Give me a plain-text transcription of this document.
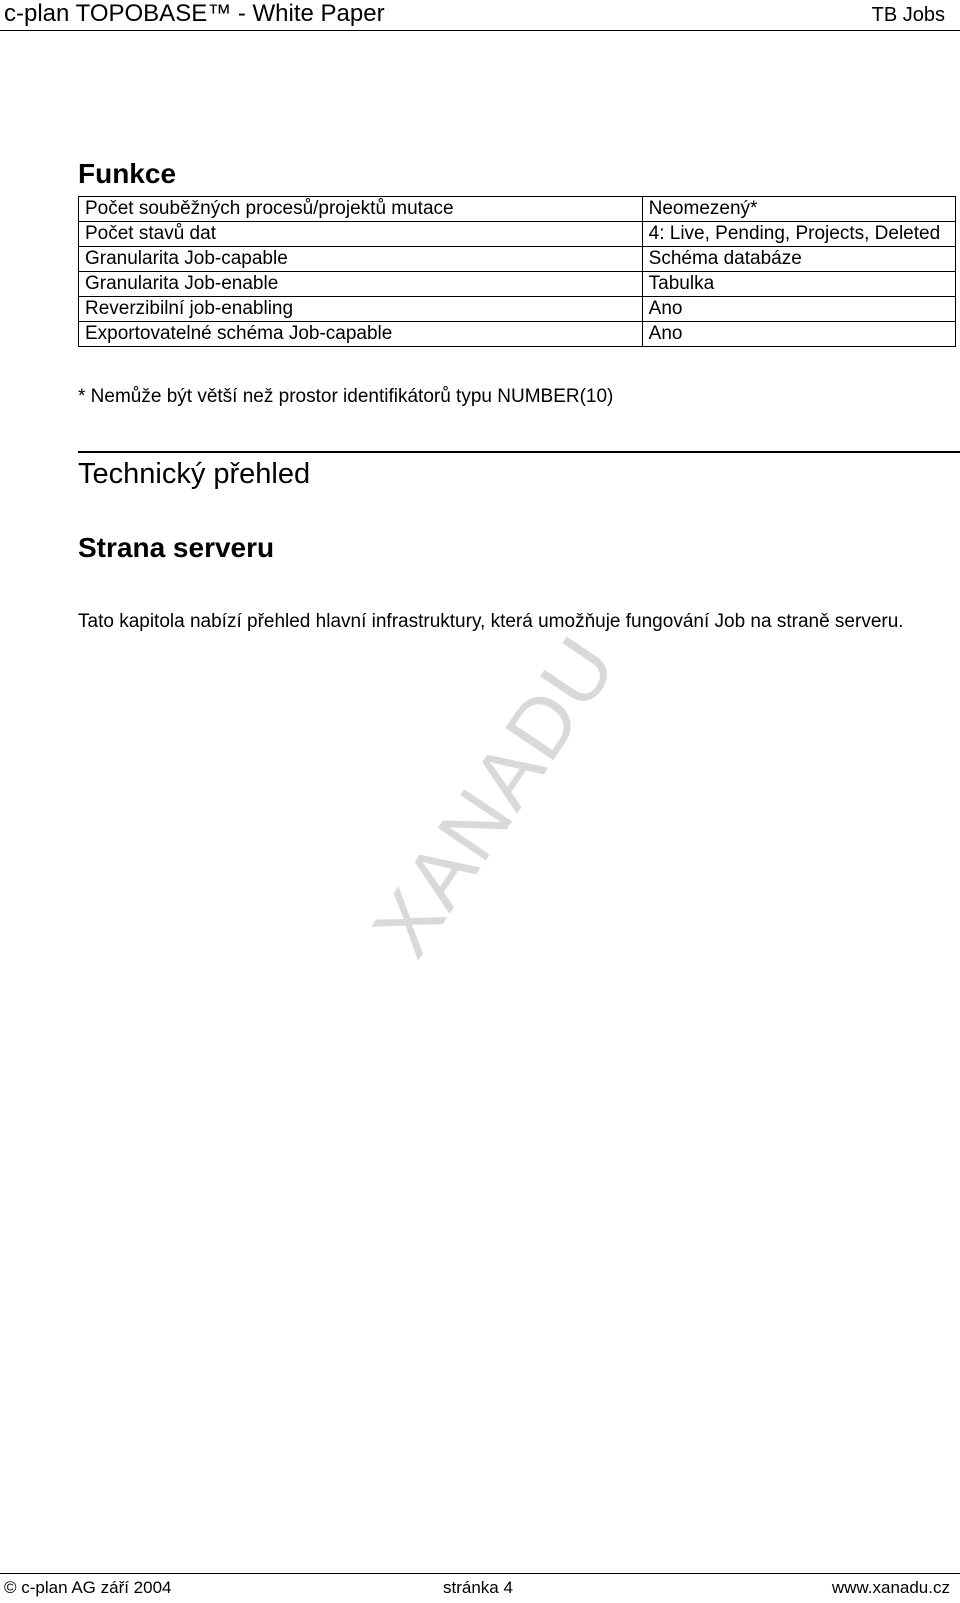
c-plan TOPOBASE™ - White Paper	TB Jobs
Funkce
Počet souběžných procesů/projektů mutace	Neomezený*
Počet stavů dat	4: Live, Pending, Projects, Deleted
Granularita Job-capable	Schéma databáze
Granularita Job-enable	Tabulka
Reverzibilní job-enabling	Ano
Exportovatelné schéma Job-capable	Ano
* Nemůže být větší než prostor identifikátorů typu NUMBER(10)
Technický přehled
Strana serveru

Tato kapitola nabízí přehled hlavní infrastruktury, která umožňuje fungování Job na straně serveru.

XANADU
© c-plan AG září 2004	stránka 4	www.xanadu.cz
